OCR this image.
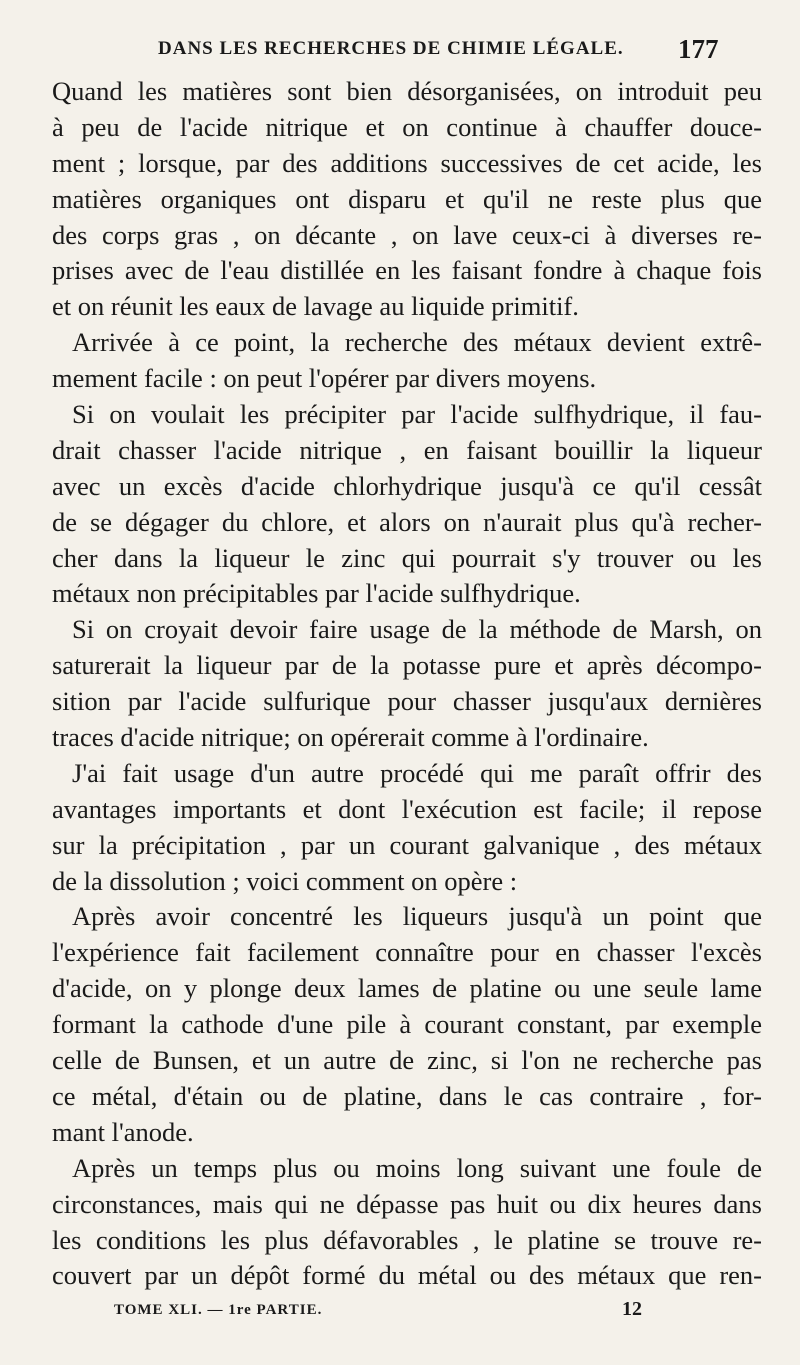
DANS LES RECHERCHES DE CHIMIE LÉGALE. 177
Quand les matières sont bien désorganisées, on introduit peu
à peu de l'acide nitrique et on continue à chauffer douce-
ment ; lorsque, par des additions successives de cet acide, les
matières organiques ont disparu et qu'il ne reste plus que
des corps gras , on décante , on lave ceux-ci à diverses re-
prises avec de l'eau distillée en les faisant fondre à chaque fois
et on réunit les eaux de lavage au liquide primitif.
Arrivée à ce point, la recherche des métaux devient extrê-
mement facile : on peut l'opérer par divers moyens.
Si on voulait les précipiter par l'acide sulfhydrique, il fau-
drait chasser l'acide nitrique , en faisant bouillir la liqueur
avec un excès d'acide chlorhydrique jusqu'à ce qu'il cessât
de se dégager du chlore, et alors on n'aurait plus qu'à recher-
cher dans la liqueur le zinc qui pourrait s'y trouver ou les
métaux non précipitables par l'acide sulfhydrique.
Si on croyait devoir faire usage de la méthode de Marsh, on
saturerait la liqueur par de la potasse pure et après décompo-
sition par l'acide sulfurique pour chasser jusqu'aux dernières
traces d'acide nitrique; on opérerait comme à l'ordinaire.
J'ai fait usage d'un autre procédé qui me paraît offrir des
avantages importants et dont l'exécution est facile; il repose
sur la précipitation , par un courant galvanique , des métaux
de la dissolution ; voici comment on opère :
Après avoir concentré les liqueurs jusqu'à un point que
l'expérience fait facilement connaître pour en chasser l'excès
d'acide, on y plonge deux lames de platine ou une seule lame
formant la cathode d'une pile à courant constant, par exemple
celle de Bunsen, et un autre de zinc, si l'on ne recherche pas
ce métal, d'étain ou de platine, dans le cas contraire , for-
mant l'anode.
Après un temps plus ou moins long suivant une foule de
circonstances, mais qui ne dépasse pas huit ou dix heures dans
les conditions les plus défavorables , le platine se trouve re-
couvert par un dépôt formé du métal ou des métaux que ren-
TOME XLI. — 1re PARTIE.	12
